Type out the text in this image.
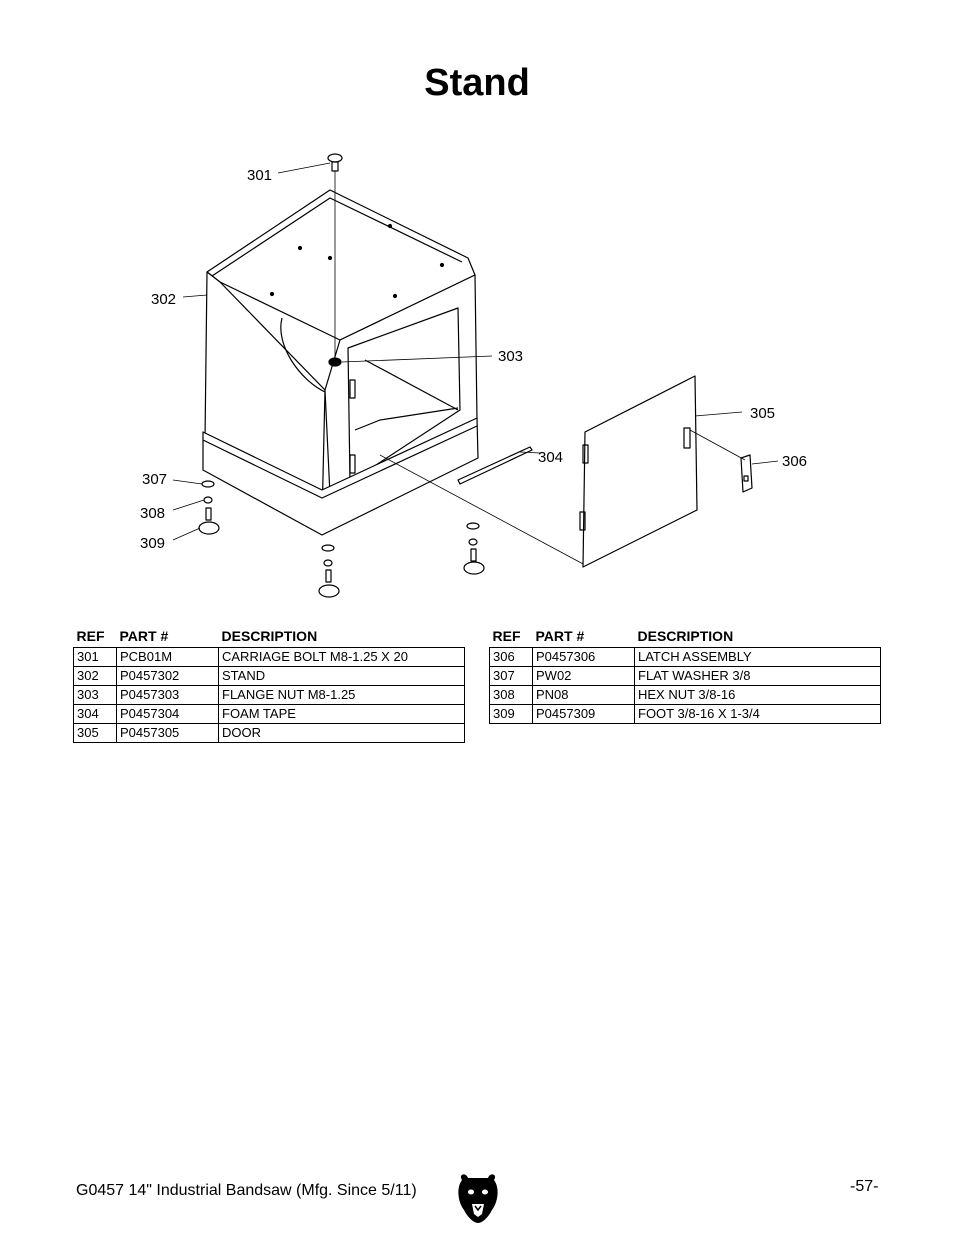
Stand
301
302
303
304
305
306
307
308
309
REF	PART #	DESCRIPTION
301	PCB01M	CARRIAGE BOLT M8-1.25 X 20
302	P0457302	STAND
303	P0457303	FLANGE NUT M8-1.25
304	P0457304	FOAM TAPE
305	P0457305	DOOR
REF	PART #	DESCRIPTION
306	P0457306	LATCH ASSEMBLY
307	PW02	FLAT WASHER 3/8
308	PN08	HEX NUT 3/8-16
309	P0457309	FOOT 3/8-16 X 1-3/4
G0457 14" Industrial Bandsaw (Mfg. Since 5/11)	-57-
